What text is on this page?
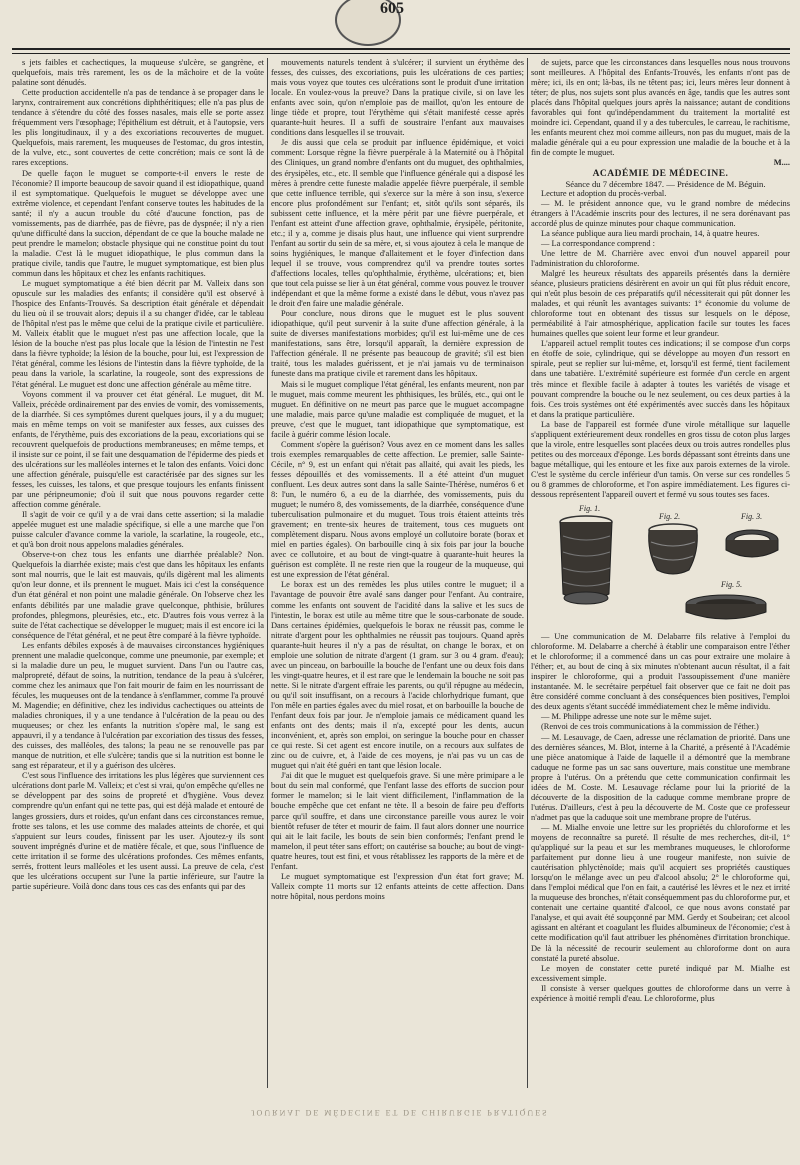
605

s jets faibles et cachectiques, la muqueuse s'ulcère, se gangrène, et quelquefois, mais très rarement, les os de la mâchoire et de la voûte palatine sont dénudés.

Cette production accidentelle n'a pas de tendance à se propager dans le larynx, contrairement aux concrétions diphthéritiques; elle n'a pas plus de tendance à s'étendre du côté des fosses nasales, mais elle se porte assez fréquemment vers l'œsophage; l'épithélium est détruit, et à l'autopsie, vers les plis longitudinaux, il y a des excoriations recouvertes de muguet. Quelquefois, mais rarement, les muqueuses de l'estomac, du gros intestin, de la vulve, etc., sont couvertes de cette concrétion; mais ce sont là de rares exceptions.

De quelle façon le muguet se comporte-t-il envers le reste de l'économie? Il importe beaucoup de savoir quand il est idiopathique, quand il est symptomatique. Quelquefois le muguet se développe avec une extrême violence, et cependant l'enfant conserve toutes les habitudes de la santé; il n'y a aucun trouble du côté d'aucune fonction, pas de vomissements, pas de diarrhée, pas de fièvre, pas de dyspnée; il n'y a rien qu'une difficulté dans la succion, dépendant de ce que la bouche malade ne peut prendre le mamelon; obstacle physique qui ne constitue point du tout la maladie. C'est là le muguet idiopathique, le plus commun dans la pratique civile, tandis que l'autre, le muguet symptomatique, est bien plus commun dans les hôpitaux et chez les enfants rachitiques.

Le muguet symptomatique a été bien décrit par M. Valleix dans son opuscule sur les maladies des enfants; il considère qu'il est observé à l'hospice des Enfants-Trouvés. Sa description était générale et dépendait du lieu où il se trouvait alors; depuis il a su changer d'idée, car le tableau de l'hôpital n'est pas le même que celui de la pratique civile et particulière. M. Valleix établit que le muguet n'est pas une affection locale, que la lésion de la bouche n'est pas plus locale que la lésion de l'intestin ne l'est dans la fièvre typhoïde; la lésion de la bouche, pour lui, est l'expression de l'état général, comme les lésions de l'intestin dans la fièvre typhoïde, de la peau dans la variole, la scarlatine, la rougeole, sont des expressions de l'état général. Le muguet est donc une affection générale au même titre.

Voyons comment il va prouver cet état général. Le muguet, dit M. Valleix, précède ordinairement par des envies de vomir, des vomissements, de la diarrhée. Si ces symptômes durent quelques jours, il y a du muguet; mais en même temps on voit se manifester aux fesses, aux cuisses des enfants, de l'érythème, puis des excoriations de la peau, excoriations qui se recouvrent quelquefois de productions membraneuses; en même temps, et il insiste sur ce point, il se fait une desquamation de l'épiderme des pieds et des ulcérations sur les malléoles internes et le talon des enfants. Voici donc une affection générale, puisqu'elle est caractérisée par des signes sur les fesses, les cuisses, les talons, et que presque toujours les enfants finissent par une péripneumonie; d'où il suit que nous pouvons regarder cette affection comme générale.

Il s'agit de voir ce qu'il y a de vrai dans cette assertion; si la maladie appelée muguet est une maladie spécifique, si elle a une marche que l'on puisse calculer d'avance comme la variole, la scarlatine, la rougeole, etc., et qu'à bon droit nous appelons maladies générales.

Observe-t-on chez tous les enfants une diarrhée préalable? Non. Quelquefois la diarrhée existe; mais c'est que dans les hôpitaux les enfants sont mal nourris, que le lait est mauvais, qu'ils digèrent mal les aliments qu'on leur donne, et ils prennent le muguet. Mais ici c'est la conséquence d'un état général et non point une maladie générale. On l'observe chez les enfants débilités par une maladie grave quelconque, phthisie, brûlures profondes, phlegmons, pleurésies, etc., etc. D'autres fois vous verrez à la suite de l'état cachectique se développer le muguet; mais il est encore ici la conséquence de l'état général, et ne peut être comparé à la fièvre typhoïde.

Les enfants débiles exposés à de mauvaises circonstances hygiéniques prennent une maladie quelconque, comme une pneumonie, par exemple; et si la maladie dure un peu, le muguet survient. Dans l'un ou l'autre cas, malpropreté, défaut de soins, la nutrition, tendance de la peau à s'ulcérer, comme chez les animaux que l'on fait mourir de faim en les nourrissant de fécules, les muqueuses ont de la tendance à s'enflammer, comme l'a prouvé M. Magendie; en définitive, chez les individus cachectiques ou atteints de maladies chroniques, il y a une tendance à l'ulcération de la peau ou des muqueuses; or chez les enfants la nutrition s'opère mal, le sang est appauvri, il y a tendance à l'ulcération par excoriation des tissus des fesses, des cuisses, des malléoles, des talons; la peau ne se renouvelle pas par manque de nutrition, et elle s'ulcère; tandis que si la nutrition est bonne le sang est réparateur, et il y a guérison des ulcères.

C'est sous l'influence des irritations les plus légères que surviennent ces ulcérations dont parle M. Valleix; et c'est si vrai, qu'on empêche qu'elles ne se développent par des soins de propreté et d'hygiène. Vous devez comprendre qu'un enfant qui ne tette pas, qui est déjà malade et entouré de langes grossiers, durs et roides, qu'un enfant dans ces circonstances remue, frotte ses talons, et les use comme des malades atteints de chorée, et qui s'appuient sur leurs coudes, finissent par les user. Ajoutez-y ils sont souvent imprégnés d'urine et de matière fécale, et que, sous l'influence de cette irritation il se forme des ulcérations profondes. Ces mêmes enfants, serrés, frottent leurs malléoles et les usent aussi. La preuve de cela, c'est que les ulcérations occupent sur l'une la partie inférieure, sur l'autre la partie supérieure. Voilà donc dans tous ces cas des enfants qui par des

mouvements naturels tendent à s'ulcérer; il survient un érythème des fesses, des cuisses, des excoriations, puis les ulcérations de ces parties; mais vous voyez que toutes ces ulcérations sont le produit d'une irritation locale. En voulez-vous la preuve? Dans la pratique civile, si on lave les enfants avec soin, qu'on n'emploie pas de maillot, qu'on les entoure de linge tiède et propre, tout l'érythème qui s'était manifesté cesse après quarante-huit heures. Il a suffi de soustraire l'enfant aux mauvaises conditions dans lesquelles il se trouvait.

Je dis aussi que cela se produit par influence épidémique, et voici comment: Lorsque règne la fièvre puerpérale à la Maternité ou à l'hôpital des Cliniques, un grand nombre d'enfants ont du muguet, des ophthalmies, des érysipèles, etc., etc. Il semble que l'influence générale qui a disposé les mères à prendre cette funeste maladie appelée fièvre puerpérale, il semble que cette influence terrible, qui s'exerce sur la mère à son insu, s'exerce encore plus profondément sur l'enfant; et, sitôt qu'ils sont séparés, ils subissent cette influence, et la mère périt par une fièvre puerpérale, et l'enfant est atteint d'une affection grave, ophthalmie, érysipèle, péritonite, etc.; il y a, comme je disais plus haut, une influence qui vient surprendre l'enfant au sortir du sein de sa mère, et, si vous ajoutez à cela le manque de soins hygiéniques, le manque d'allaitement et le foyer d'infection dans lequel il se trouve, vous comprendrez qu'il va prendre toutes sortes d'affections locales, telles qu'ophthalmie, érythème, ulcérations; et, bien que tout cela puisse se lier à un état général, comme vous pouvez le trouver indépendant et que la même forme a existé dans le début, vous n'avez pas le droit d'en faire une maladie générale.

Pour conclure, nous dirons que le muguet est le plus souvent idiopathique, qu'il peut survenir à la suite d'une affection générale, à la suite de diverses manifestations morbides; qu'il est lui-même une de ces manifestations, sans être, lorsqu'il apparaît, la dernière expression de l'affection générale. Il ne présente pas beaucoup de gravité; s'il est bien traité, tous les malades guérissent, et je n'ai jamais vu de terminaison funeste dans ma pratique civile et rarement dans les hôpitaux.

Mais si le muguet complique l'état général, les enfants meurent, non par le muguet, mais comme meurent les phthisiques, les brûlés, etc., qui ont le muguet. En définitive on ne meurt pas parce que le muguet accompagne une maladie, mais parce qu'une maladie est compliquée de muguet, et la preuve, c'est que le muguet, tant idiopathique que symptomatique, est facile à guérir comme lésion locale.

Comment s'opère la guérison? Vous avez en ce moment dans les salles trois exemples remarquables de cette affection. Le premier, salle Sainte-Cécile, n° 9, est un enfant qui n'était pas allaité, qui avait les pieds, les fesses dépouillés et des vomissements. Il a été atteint d'un muguet confluent. Les deux autres sont dans la salle Sainte-Thérèse, numéros 6 et 8: l'un, le numéro 6, a eu de la diarrhée, des vomissements, puis du muguet; le numéro 8, des vomissements, de la diarrhée, conséquence d'une tuberculisation pulmonaire et du muguet. Tous trois étaient atteints très gravement; en trente-six heures de traitement, tous ces muguets ont complètement disparu. Nous avons employé un collutoire borate (borax et miel en parties égales). On barbouille cinq à six fois par jour la bouche avec ce collutoire, et au bout de vingt-quatre à quarante-huit heures la guérison est complète. Il ne reste rien que la rougeur de la muqueuse, qui est une expression de l'état général.

Le borax est un des remèdes les plus utiles contre le muguet; il a l'avantage de pouvoir être avalé sans danger pour l'enfant. Au contraire, comme les enfants ont souvent de l'acidité dans la salive et les sucs de l'intestin, le borax est utile au même titre que le sous-carbonate de soude. Dans certaines épidémies, quelquefois le borax ne réussit pas, comme le nitrate d'argent pour les ophthalmies ne réussit pas toujours. Quand après quarante-huit heures il n'y a pas de résultat, on change le borax, et on emploie une solution de nitrate d'argent (1 gram. sur 3 ou 4 gram. d'eau); avec un pinceau, on barbouille la bouche de l'enfant une ou deux fois dans les vingt-quatre heures, et il est rare que le lendemain la bouche ne soit pas nette. Si le nitrate d'argent effraie les parents, ou qu'il répugne au médecin, ou qu'il soit insuffisant, on a recours à l'acide chlorhydrique fumant, que l'on mêle en parties égales avec du miel rosat, et on barbouille la bouche de l'enfant deux fois par jour. Je n'emploie jamais ce médicament quand les enfants ont des dents; mais il n'a, excepté pour les dents, aucun inconvénient, et, après son emploi, on seringue la bouche pour en chasser ce qui reste. Si cet agent est encore inutile, on a recours aux sulfates de zinc ou de cuivre, et, à l'aide de ces moyens, je n'ai pas vu un cas de muguet qui n'ait été guéri en tant que lésion locale.

J'ai dit que le muguet est quelquefois grave. Si une mère primipare a le bout du sein mal conformé, que l'enfant lasse des efforts de succion pour former le mamelon; si le lait vient difficilement, l'inflammation de la bouche empêche que cet enfant ne tète. Il a besoin de faire peu d'efforts parce qu'il souffre, et dans une circonstance pareille vous aurez le voir bientôt refuser de téter et mourir de faim. Il faut alors donner une nourrice qui ait le lait facile, les bouts de sein bien conformés; l'enfant prend le mamelon, il peut téter sans effort; on cautérise sa bouche; au bout de vingt-quatre heures, tout est fini, et vous rétablissez les rapports de la mère et de l'enfant.

Le muguet symptomatique est l'expression d'un état fort grave; M. Valleix compte 11 morts sur 12 enfants atteints de cette affection. Dans notre hôpital, nous perdons moins

de sujets, parce que les circonstances dans lesquelles nous nous trouvons sont meilleures. A l'hôpital des Enfants-Trouvés, les enfants n'ont pas de mère; ici, ils en ont; là-bas, ils ne têtent pas; ici, leurs mères leur donnent à téter; de plus, nos sujets sont plus avancés en âge, tandis que les autres sont placés dans l'hôpital quelques jours après la naissance; autant de conditions favorables qui font qu'indépendamment du traitement la mortalité est moindre ici. Cependant, quand il y a des tubercules, le carreau, le rachitisme, les enfants meurent chez moi comme ailleurs, non pas du muguet, mais de la maladie générale qui a eu pour expression une maladie de la bouche et à la fin de compte le muguet.

M....

ACADÉMIE DE MÉDECINE.

Séance du 7 décembre 1847. — Présidence de M. Béguin.

Lecture et adoption du procès-verbal.

— M. le président annonce que, vu le grand nombre de médecins étrangers à l'Académie inscrits pour des lectures, il ne sera dorénavant pas accordé plus de quinze minutes pour chaque communication.

La séance publique aura lieu mardi prochain, 14, à quatre heures.

— La correspondance comprend :

Une lettre de M. Charrière avec envoi d'un nouvel appareil pour l'administration du chloroforme.

Malgré les heureux résultats des appareils présentés dans la dernière séance, plusieurs praticiens désirèrent en avoir un qui fût plus réduit encore, qui n'eût plus besoin de ces préparatifs qu'il nécessiterait qui pût donner les malades, et qui réunît les avantages suivants: 1° économie du volume de chloroforme tout en obtenant des tissus sur lesquels on le dépose, perméabilité à l'air atmosphérique, application facile sur toutes les faces humaines quelles que soient leur forme et leur grandeur.

L'appareil actuel remplit toutes ces indications; il se compose d'un corps en étoffe de soie, cylindrique, qui se développe au moyen d'un ressort en spirale, peut se replier sur lui-même, et, lorsqu'il est fermé, tient facilement dans une tabatière. L'extrémité supérieure est formée d'un cercle en argent très mince et flexible facile à adapter à toutes les variétés de visage et pouvant comprendre la bouche ou le nez seulement, ou ces deux parties à la fois. Ces trois systèmes ont été expérimentés avec succès dans les hôpitaux et dans la pratique particulière.

La base de l'appareil est formée d'une virole métallique sur laquelle s'appliquent extérieurement deux rondelles en gros tissu de coton plus larges que la virole, entre lesquelles sont placées deux ou trois autres rondelles plus petites ou des morceaux d'éponge. Les bords dépassant sont étreints dans une bague métallique, qui les entoure et les fixe aux parois externes de la virole. C'est le système du cercle inférieur d'un tamis. On verse sur ces rondelles 5 ou 8 grammes de chloroforme, et l'on aspire immédiatement. Les figures ci-dessous représentent l'appareil ouvert et fermé vu sous toutes ses faces.

Fig. 1.
Fig. 2.	Fig. 3.
Fig. 5.

— Une communication de M. Delabarre fils relative à l'emploi du chloroforme. M. Delabarre a cherché à établir une comparaison entre l'éther et le chloroforme; il a commencé dans un cas pour extraire une molaire à l'éther; et, au bout de cinq à six minutes n'obtenant aucun résultat, il a fait inspirer le chloroforme, qui a produit l'assoupissement d'une manière instantanée. M. le secrétaire perpétuel fait observer que ce fait ne doit pas être considéré comme concluant à des conséquences bien positives, l'emploi des deux agents s'étant succédé immédiatement chez le même individu.

— M. Philippe adresse une note sur le même sujet.

(Renvoi de ces trois communications à la commission de l'éther.)

— M. Lesauvage, de Caen, adresse une réclamation de priorité. Dans une des dernières séances, M. Blot, interne à la Charité, a présenté à l'Académie une pièce anatomique à l'aide de laquelle il a démontré que la membrane caduque ne forme pas un sac sans ouverture, mais constitue une membrane propre à l'utérus. On a prétendu que cette communication confirmait les idées de M. Coste. M. Lesauvage réclame pour lui la priorité de la découverte de la disposition de la caduque comme membrane propre de l'utérus. D'ailleurs, c'est à peu la découverte de M. Coste que ce professeur n'admet pas que la caduque soit une membrane propre de l'utérus.

— M. Mialhe envoie une lettre sur les propriétés du chloroforme et les moyens de reconnaître sa pureté. Il résulte de mes recherches, dit-il, 1° qu'appliqué sur la peau et sur les membranes muqueuses, le chloroforme parfaitement pur donne lieu à une rougeur manifeste, non suivie de cautérisation phlyctènoïde; mais qu'il acquiert ses propriétés caustiques lorsqu'on le mélange avec un peu d'alcool absolu; 2° le chloroforme qui, dans l'emploi médical que l'on en fait, a cautérisé les lèvres et le nez et irrité la muqueuse des bronches, n'était conséquemment pas du chloroforme pur, et contenait une certaine quantité d'alcool, ce que nous avons constaté par l'analyse, et qui avait été soupçonné par MM. Gerdy et Soubeiran; cet alcool agissant en altérant et coagulant les fluides albumineux de l'économie; c'est à cette modification qu'il faut attribuer les phénomènes d'irritation bronchique. De là la nécessité de recourir seulement au chloroforme dont on aura constaté la pureté absolue.

Le moyen de constater cette pureté indiqué par M. Mialhe est excessivement simple.

Il consiste à verser quelques gouttes de chloroforme dans un verre à expérience à moitié rempli d'eau. Le chloroforme, plus

JOURNAL DE MÉDECINE ET DE CHIRURGIE PRATIQUES
